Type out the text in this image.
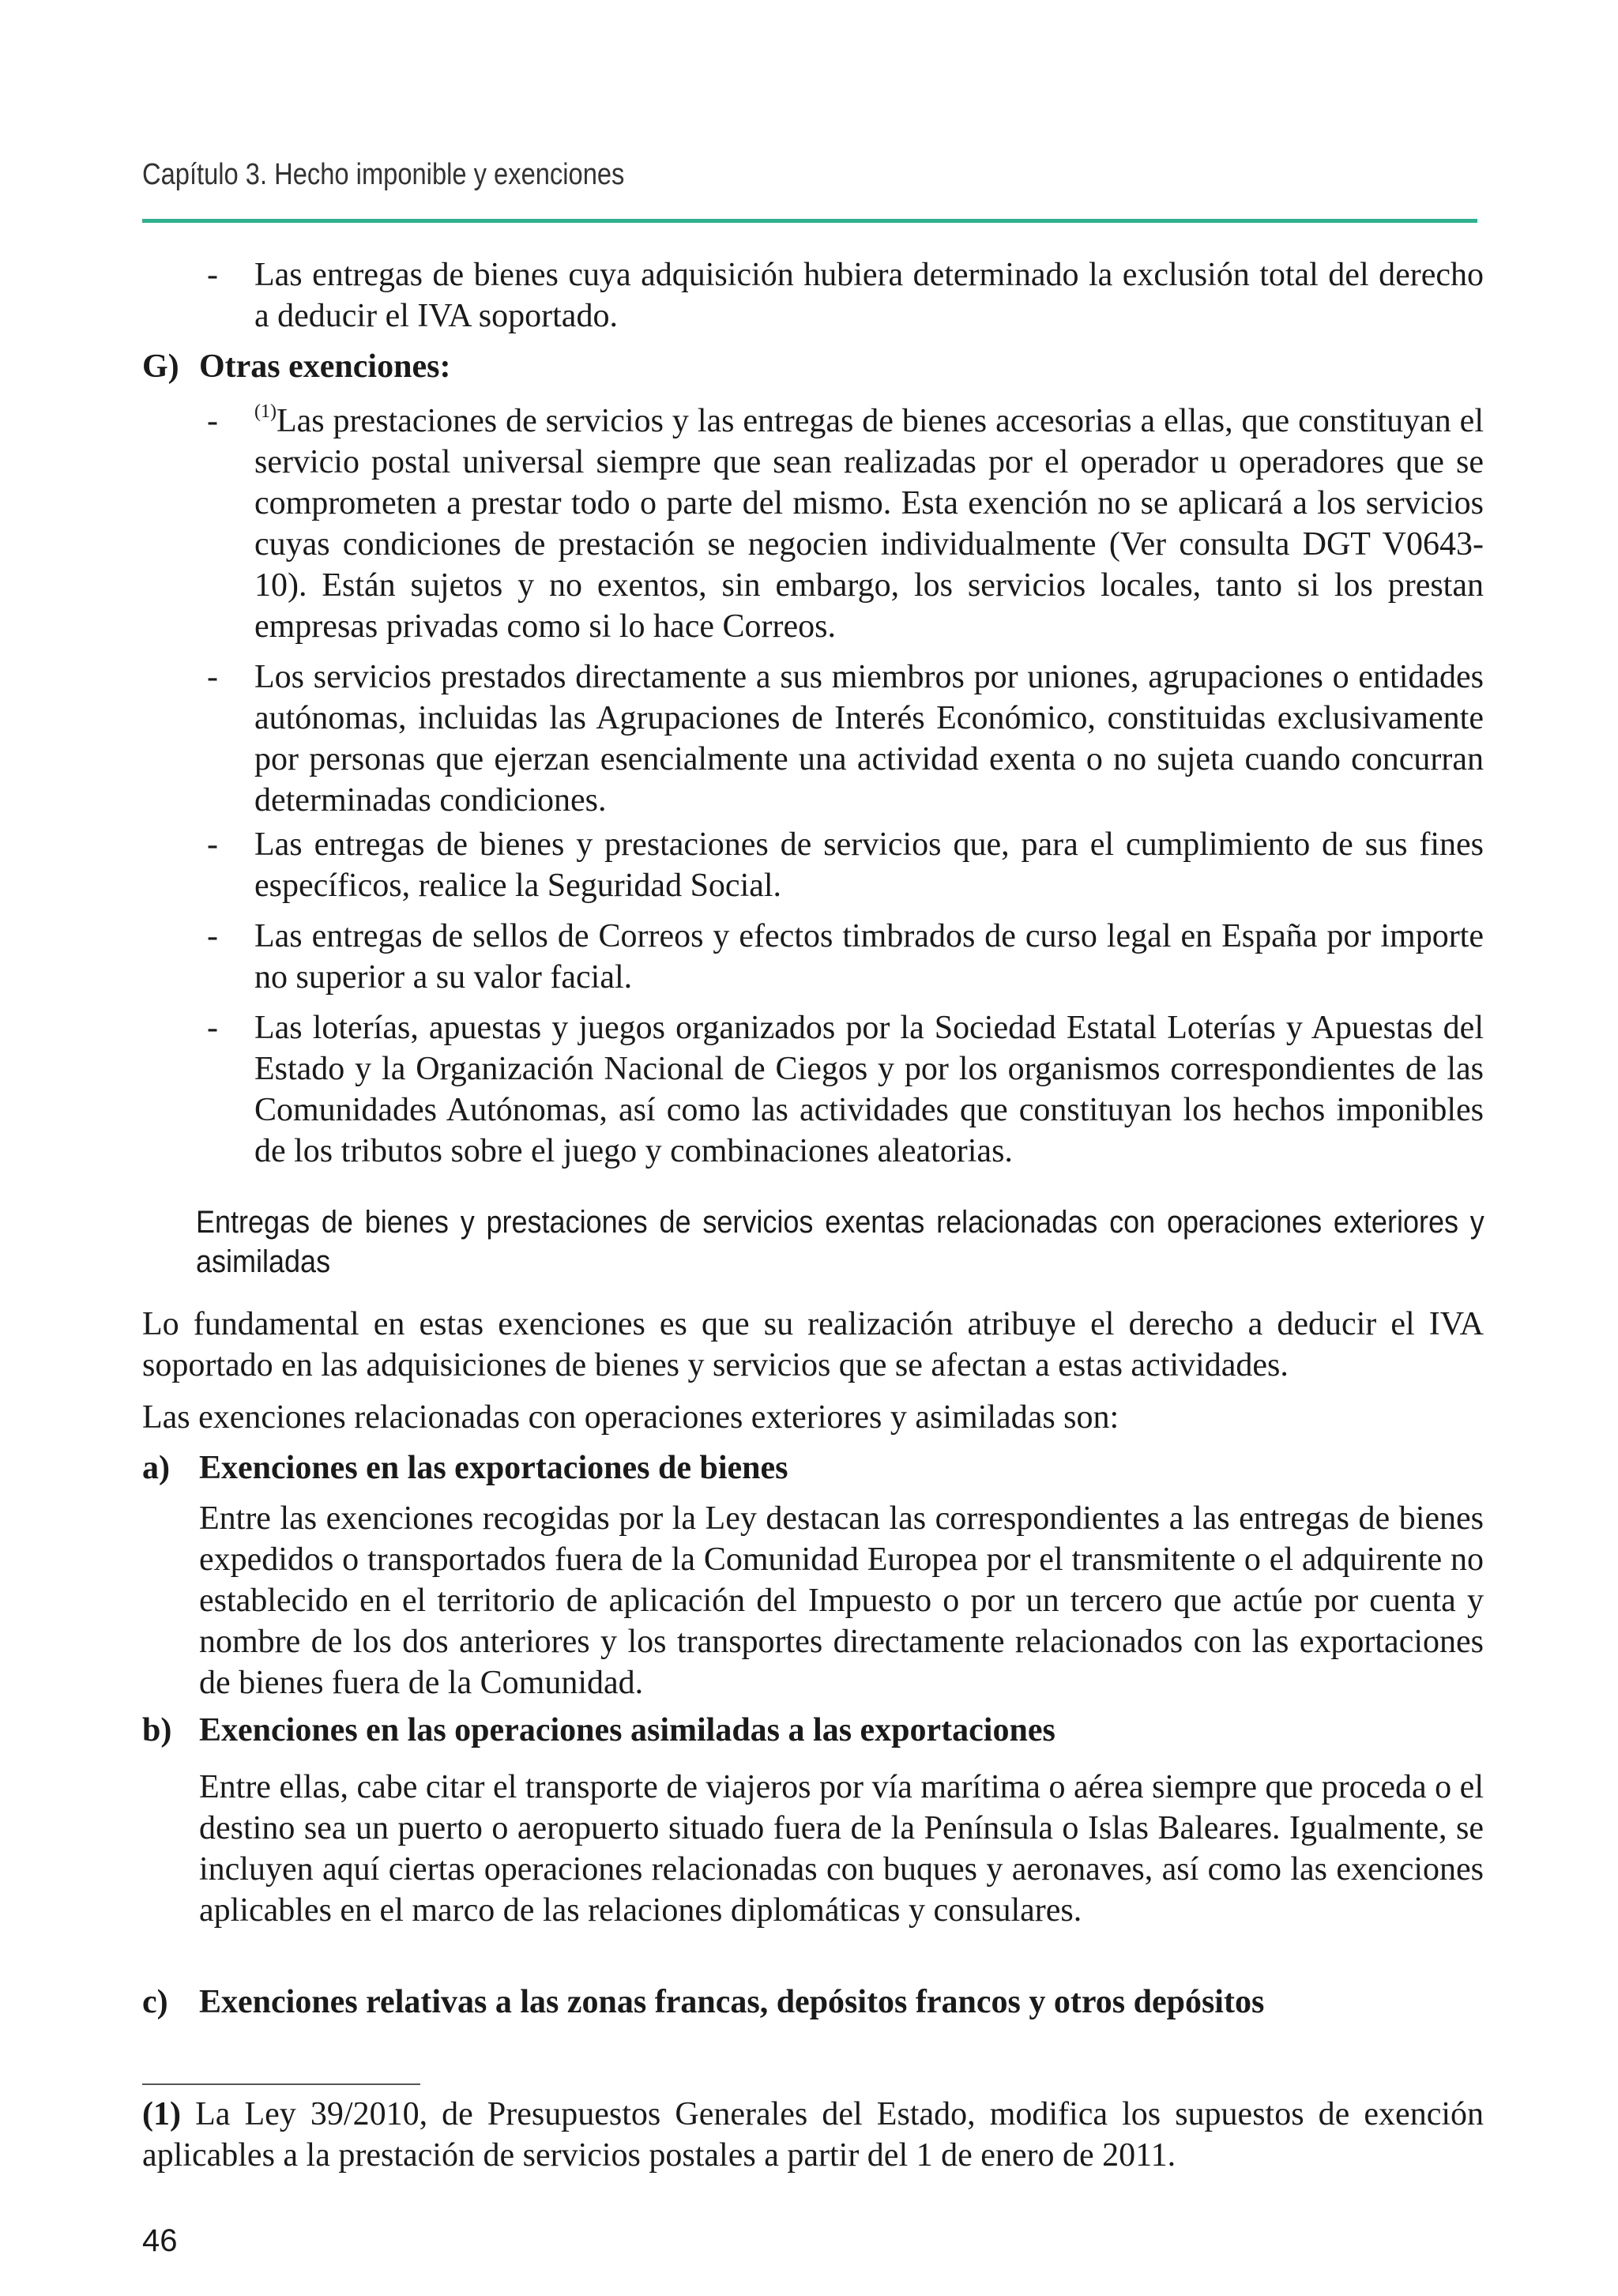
Capítulo 3. Hecho imponible y exenciones
-	Las entregas de bienes cuya adquisición hubiera determinado la exclusión total del derecho a deducir el IVA soportado.

G) Otras exenciones:
-	$^{(1)}$Las prestaciones de servicios y las entregas de bienes accesorias a ellas, que constituyan el servicio postal universal siempre que sean realizadas por el operador u operadores que se comprometen a prestar todo o parte del mismo. Esta exención no se aplicará a los servicios cuyas condiciones de prestación se negocien individualmente (Ver consulta DGT V0643-10). Están sujetos y no exentos, sin embargo, los servicios locales, tanto si los prestan empresas privadas como si lo hace Correos.

-	Los servicios prestados directamente a sus miembros por uniones, agrupaciones o entidades autónomas, incluidas las Agrupaciones de Interés Económico, constituidas exclusivamente por personas que ejerzan esencialmente una actividad exenta o no sujeta cuando concurran determinadas condiciones.

-	Las entregas de bienes y prestaciones de servicios que, para el cumplimiento de sus fines específicos, realice la Seguridad Social.

-	Las entregas de sellos de Correos y efectos timbrados de curso legal en España por importe no superior a su valor facial.

-	Las loterías, apuestas y juegos organizados por la Sociedad Estatal Loterías y Apuestas del Estado y la Organización Nacional de Ciegos y por los organismos correspondientes de las Comunidades Autónomas, así como las actividades que constituyan los hechos imponibles de los tributos sobre el juego y combinaciones aleatorias.

Entregas de bienes y prestaciones de servicios exentas relacionadas con operaciones exteriores y asimiladas

Lo fundamental en estas exenciones es que su realización atribuye el derecho a deducir el IVA soportado en las adquisiciones de bienes y servicios que se afectan a estas actividades.

Las exenciones relacionadas con operaciones exteriores y asimiladas son:

a) Exenciones en las exportaciones de bienes

Entre las exenciones recogidas por la Ley destacan las correspondientes a las entregas de bienes expedidos o transportados fuera de la Comunidad Europea por el transmitente o el adquirente no establecido en el territorio de aplicación del Impuesto o por un tercero que actúe por cuenta y nombre de los dos anteriores y los transportes directamente relacionados con las exportaciones de bienes fuera de la Comunidad.

b) Exenciones en las operaciones asimiladas a las exportaciones

Entre ellas, cabe citar el transporte de viajeros por vía marítima o aérea siempre que proceda o el destino sea un puerto o aeropuerto situado fuera de la Península o Islas Baleares. Igualmente, se incluyen aquí ciertas operaciones relacionadas con buques y aeronaves, así como las exenciones aplicables en el marco de las relaciones diplomáticas y consulares.

c) Exenciones relativas a las zonas francas, depósitos francos y otros depósitos

(1) La Ley 39/2010, de Presupuestos Generales del Estado, modifica los supuestos de exención aplicables a la prestación de servicios postales a partir del 1 de enero de 2011.

46
